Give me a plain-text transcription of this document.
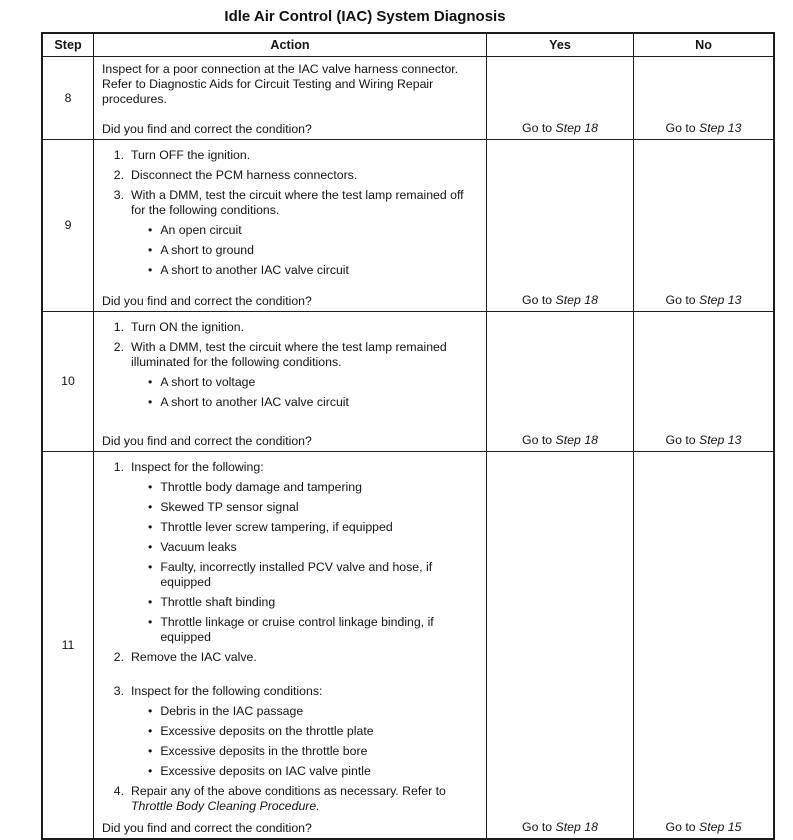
Idle Air Control (IAC) System Diagnosis
Step	Action	Yes	No
8
Inspect for a poor connection at the IAC valve harness connector. Refer to Diagnostic Aids for Circuit Testing and Wiring Repair procedures.
Did you find and correct the condition?	Go to Step 18	Go to Step 13
9
1. Turn OFF the ignition.
2. Disconnect the PCM harness connectors.
3. With a DMM, test the circuit where the test lamp remained off for the following conditions.
• An open circuit
• A short to ground
• A short to another IAC valve circuit
Did you find and correct the condition?	Go to Step 18	Go to Step 13
10
1. Turn ON the ignition.
2. With a DMM, test the circuit where the test lamp remained illuminated for the following conditions.
• A short to voltage
• A short to another IAC valve circuit
Did you find and correct the condition?	Go to Step 18	Go to Step 13
11
1. Inspect for the following:
• Throttle body damage and tampering
• Skewed TP sensor signal
• Throttle lever screw tampering, if equipped
• Vacuum leaks
• Faulty, incorrectly installed PCV valve and hose, if equipped
• Throttle shaft binding
• Throttle linkage or cruise control linkage binding, if equipped
2. Remove the IAC valve.
3. Inspect for the following conditions:
• Debris in the IAC passage
• Excessive deposits on the throttle plate
• Excessive deposits in the throttle bore
• Excessive deposits on IAC valve pintle
4. Repair any of the above conditions as necessary. Refer to Throttle Body Cleaning Procedure.
Did you find and correct the condition?	Go to Step 18	Go to Step 15
